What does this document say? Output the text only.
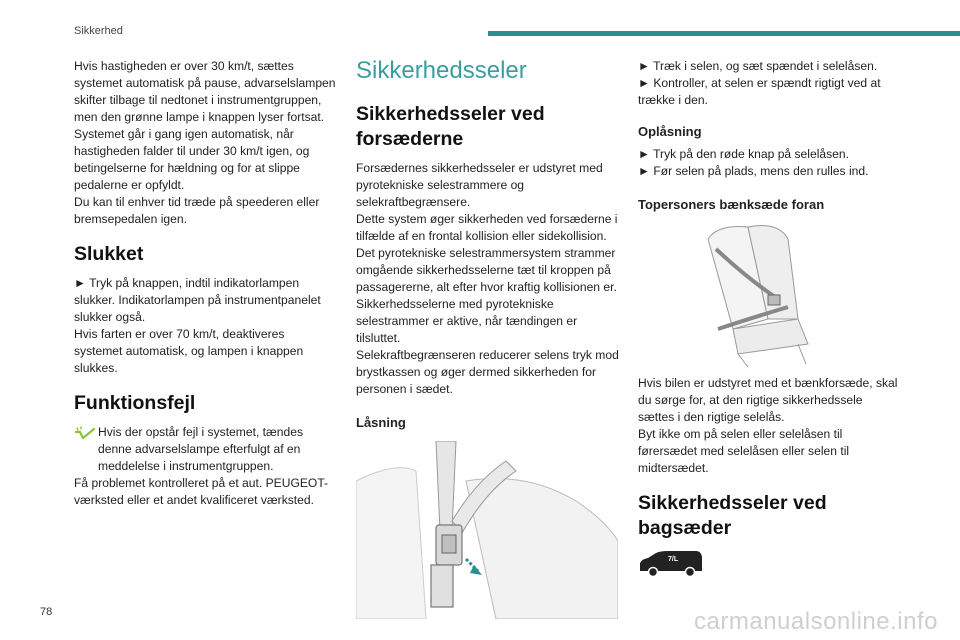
Sikkerhed

Hvis hastigheden er over 30 km/t, sættes systemet automatisk på pause, advarselslampen skifter tilbage til nedtonet i instrumentgruppen, men den grønne lampe i knappen lyser fortsat.
Systemet går i gang igen automatisk, når hastigheden falder til under 30 km/t igen, og betingelserne for hældning og for at slippe pedalerne er opfyldt.
Du kan til enhver tid træde på speederen eller bremsepedalen igen.

Slukket

► Tryk på knappen, indtil indikatorlampen slukker. Indikatorlampen på instrumentpanelet slukker også.
Hvis farten er over 70 km/t, deaktiveres systemet automatisk, og lampen i knappen slukkes.

Funktionsfejl

Hvis der opstår fejl i systemet, tændes denne advarselslampe efterfulgt af en meddelelse i instrumentgruppen.

Få problemet kontrolleret på et aut. PEUGEOT-værksted eller et andet kvalificeret værksted.

Sikkerhedsseler
Sikkerhedsseler ved forsæderne

Forsædernes sikkerhedsseler er udstyret med pyrotekniske selestrammere og selekraftbegrænsere.
Dette system øger sikkerheden ved forsæderne i tilfælde af en frontal kollision eller sidekollision. Det pyrotekniske selestrammersystem strammer omgående sikkerhedsselerne tæt til kroppen på passagererne, alt efter hvor kraftig kollisionen er.
Sikkerhedsselerne med pyrotekniske selestrammer er aktive, når tændingen er tilsluttet.
Selekraftbegrænseren reducerer selens tryk mod brystkassen og øger dermed sikkerheden for personen i sædet.

Låsning

► Træk i selen, og sæt spændet i selelåsen.
► Kontroller, at selen er spændt rigtigt ved at trække i den.

Oplåsning

► Tryk på den røde knap på selelåsen.
► Før selen på plads, mens den rulles ind.

Topersoners bænksæde foran

Hvis bilen er udstyret med et bænkforsæde, skal du sørge for, at den rigtige sikkerhedssele sættes i den rigtige selelås.
Byt ikke om på selen eller selelåsen til førersædet med selelåsen eller selen til midtersædet.

Sikkerhedsseler ved bagsæder
7/L
78	carmanualsonline.info
